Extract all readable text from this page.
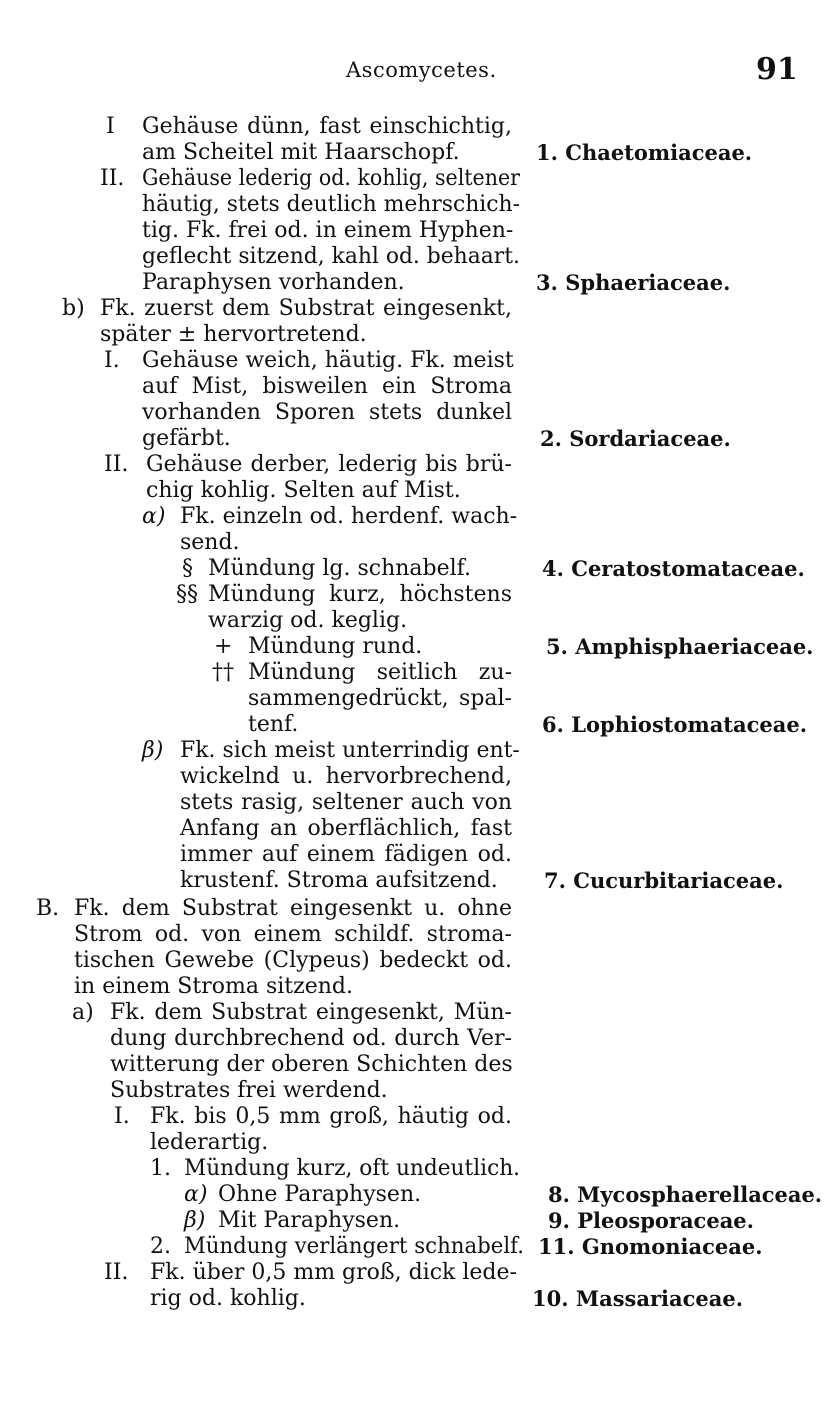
Ascomycetes.	91
I Gehäuse dünn, fast einschichtig,
am Scheitel mit Haarschopf.	1. Chaetomiaceae.
II. Gehäuse lederig od. kohlig, seltener
häutig, stets deutlich mehrschich-
tig. Fk. frei od. in einem Hyphen-
geflecht sitzend, kahl od. behaart.
Paraphysen vorhanden.	3. Sphaeriaceae.
b) Fk. zuerst dem Substrat eingesenkt,
später ± hervortretend.
I. Gehäuse weich, häutig. Fk. meist
auf Mist, bisweilen ein Stroma
vorhanden Sporen stets dunkel
gefärbt.	2. Sordariaceae.
II. Gehäuse derber, lederig bis brü-
chig kohlig. Selten auf Mist.
α) Fk. einzeln od. herdenf. wach-
send.
§ Mündung lg. schnabelf.	4. Ceratostomataceae.
§§ Mündung kurz, höchstens
warzig od. keglig.
+ Mündung rund.	5. Amphisphaeriaceae.
†† Mündung seitlich zu-
sammengedrückt, spal-
tenf.	6. Lophiostomataceae.
β) Fk. sich meist unterrindig ent-
wickelnd u. hervorbrechend,
stets rasig, seltener auch von
Anfang an oberflächlich, fast
immer auf einem fädigen od.
krustenf. Stroma aufsitzend. 7. Cucurbitariaceae.
B. Fk. dem Substrat eingesenkt u. ohne
Strom od. von einem schildf. stroma-
tischen Gewebe (Clypeus) bedeckt od.
in einem Stroma sitzend.
a) Fk. dem Substrat eingesenkt, Mün-
dung durchbrechend od. durch Ver-
witterung der oberen Schichten des
Substrates frei werdend.
I. Fk. bis 0,5 mm groß, häutig od.
lederartig.
1. Mündung kurz, oft undeutlich.
α) Ohne Paraphysen.	8. Mycosphaerellaceae.
β) Mit Paraphysen.	9. Pleosporaceae.
2. Mündung verlängert schnabelf. 11. Gnomoniaceae.
II. Fk. über 0,5 mm groß, dick lede-
rig od. kohlig.	10. Massariaceae.
